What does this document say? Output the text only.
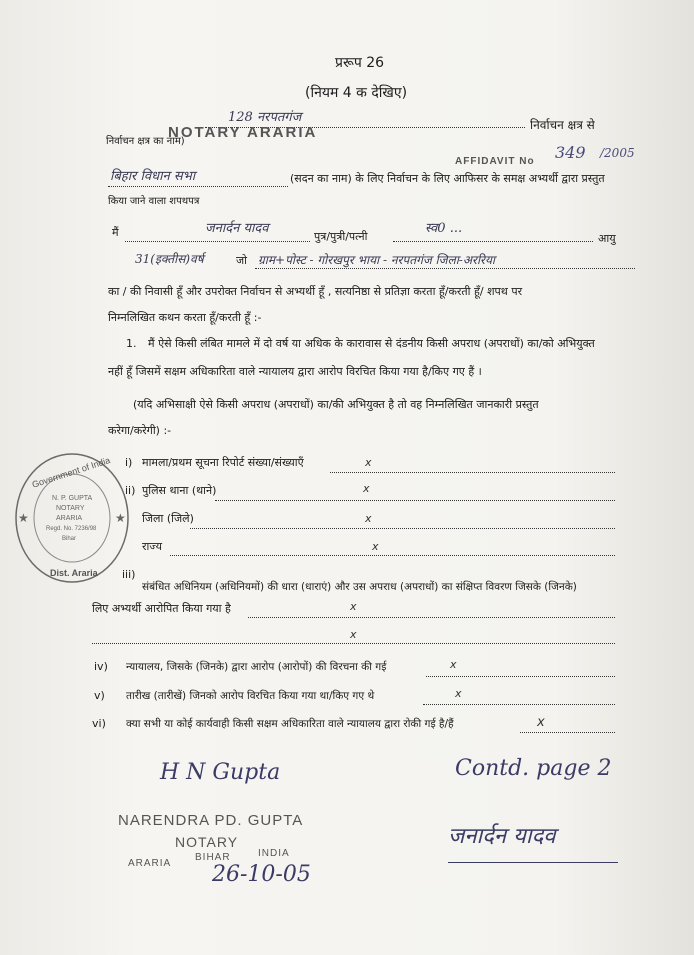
प्ररूप 26
(नियम 4 क देखिए)
128 नरपतगंज	निर्वाचन क्षत्र से
निर्वाचन क्षत्र का नाम)
NOTARY ARARIA
AFFIDAVIT No 349 /2005
बिहार विधान सभा	(सदन का नाम) के लिए निर्वाचन के लिए आफिसर के समक्ष अभ्यर्थी द्वारा प्रस्तुत
किया जाने वाला शपथपत्र
मैं	जनार्दन यादव
पुत्र/पुत्री/पत्नी
स्व0 ...
आयु
31(इक्तीस)वर्ष	जो ग्राम+पोस्ट - गोरखपुर भाया - नरपतगंज जिला-अररिया
का / की निवासी हूँ और उपरोक्त निर्वाचन से अभ्यर्थी हूँ , सत्यनिष्ठा से प्रतिज्ञा करता हूँ/करती हूँ/ शपथ पर
निम्नलिखित कथन करता हूँ/करती हूँ :-
1. मैं ऐसे किसी लंबित मामले में दो वर्ष या अधिक के कारावास से दंडनीय किसी अपराध (अपराधों) का/को अभियुक्त
नहीं हूँ जिसमें सक्षम अधिकारिता वाले न्यायालय द्वारा आरोप विरचित किया गया है/किए गए हैं ।
(यदि अभिसाक्षी ऐसे किसी अपराध (अपराधों) का/की अभियुक्त है तो वह निम्नलिखित जानकारी प्रस्तुत
करेगा/करेगी) :-
i) मामला/प्रथम सूचना रिपोर्ट संख्या/संख्याएँ	x
ii) पुलिस थाना (थाने)	x
जिला (जिले)	x
राज्य	x
iii)
संबंधित अधिनियम (अधिनियमों) की धारा (धाराएं) और उस अपराध (अपराधों) का संक्षिप्त विवरण जिसके (जिनके)
लिए अभ्यर्थी आरोपित किया गया है	x
x
iv) न्यायालय, जिसके (जिनके) द्वारा आरोप (आरोपों) की विरचना की गई	x
v) तारीख (तारीखें) जिनको आरोप विरचित किया गया था/किए गए थे	x
vi) क्या सभी या कोई कार्यवाही किसी सक्षम अधिकारिता वाले न्यायालय द्वारा रोकी गई है/हैं	x
★	★
Government of India
Dist. Araria
N. P. GUPTA
NOTARY
ARARIA
Regd. No. 7236/98
Bihar
H N Gupta
NARENDRA PD. GUPTA
NOTARY
ARARIA
BIHAR	INDIA
26-10-05
Contd. page 2
जनार्दन यादव
